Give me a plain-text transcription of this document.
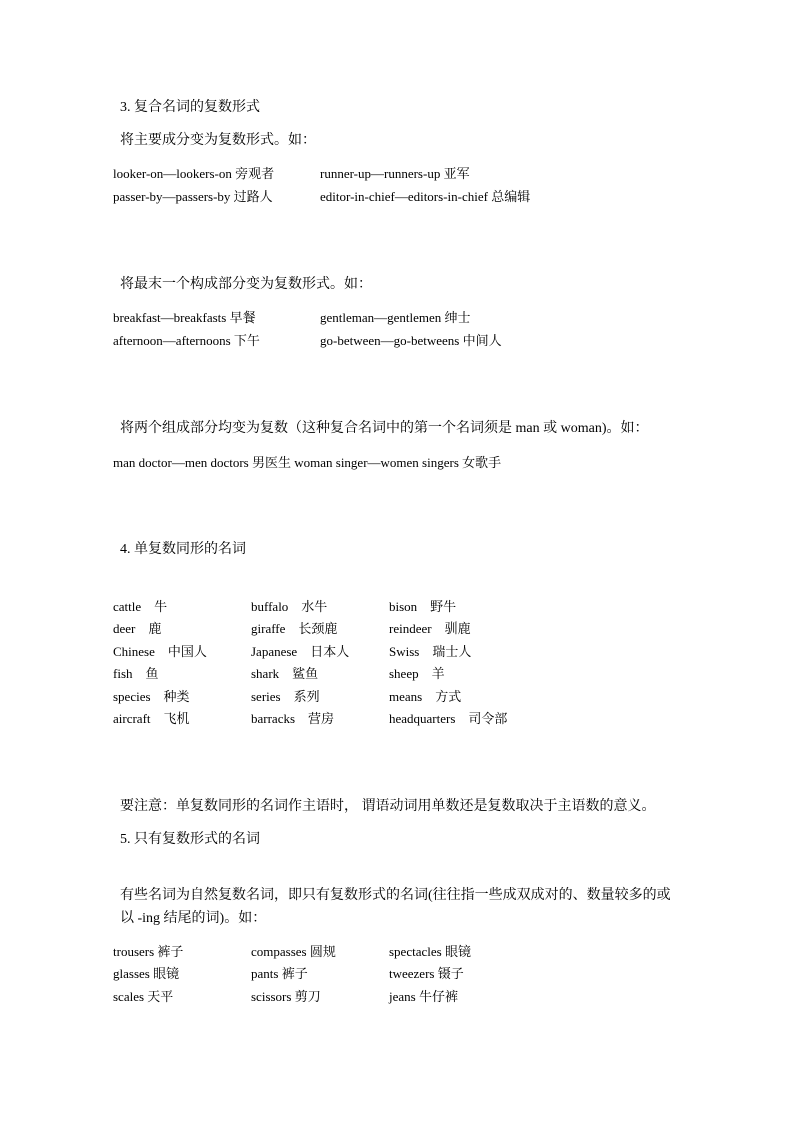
3. 复合名词的复数形式
将主要成分变为复数形式。如：
looker-on—lookers-on 旁观者	runner-up—runners-up 亚军
passer-by—passers-by 过路人	editor-in-chief—editors-in-chief 总编辑
将最末一个构成部分变为复数形式。如：
breakfast—breakfasts 早餐	gentleman—gentlemen 绅士
afternoon—afternoons 下午	go-between—go-betweens 中间人
将两个组成部分均变为复数（这种复合名词中的第一个名词须是 man 或 woman)。如：
man doctor—men doctors 男医生 woman singer—women singers 女歌手
4. 单复数同形的名词
cattle　牛	buffalo　水牛	bison　野牛
deer　鹿	giraffe　长颈鹿	reindeer　驯鹿
Chinese　中国人	Japanese　日本人	Swiss　瑞士人
fish　鱼	shark　鲨鱼	sheep　羊
species　种类	series　系列	means　方式
aircraft　飞机	barracks　营房	headquarters　司令部
要注意：单复数同形的名词作主语时， 谓语动词用单数还是复数取决于主语数的意义。
5. 只有复数形式的名词
有些名词为自然复数名词，即只有复数形式的名词(往往指一些成双成对的、数量较多的或
以 -ing 结尾的词)。如：
trousers 裤子	compasses 圆规	spectacles 眼镜
glasses 眼镜	pants 裤子	tweezers 镊子
scales 天平	scissors 剪刀	jeans 牛仔裤
